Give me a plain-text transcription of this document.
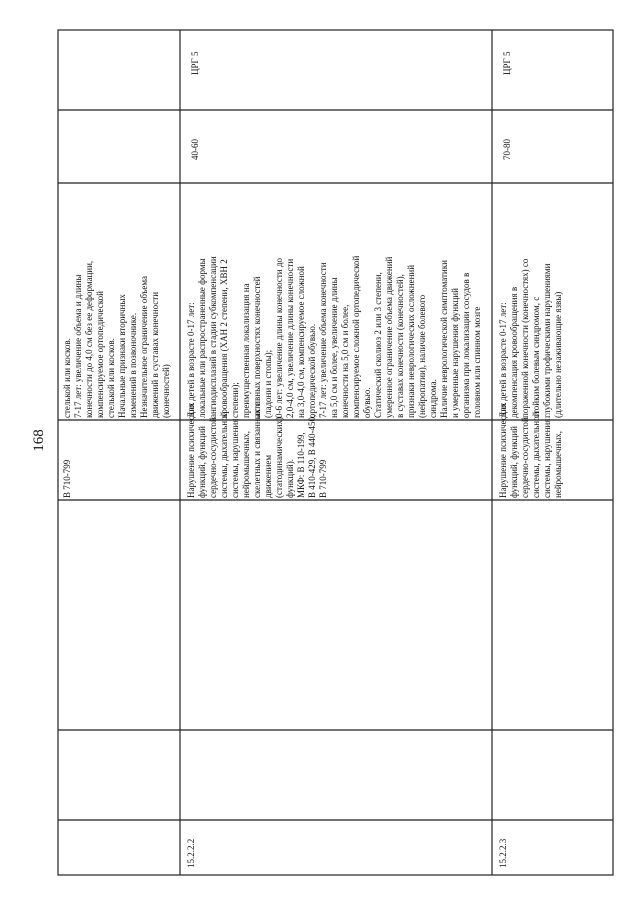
168
В 710-799
стелькой или косков.
7-17 лет: увеличение объема и длины
конечности до 4,0 см без ее деформации,
компенсируемое ортопедической
стелькой или косков.
Начальные признаки вторичных
изменений в позвоночнике.
Незначительное ограничение объема
движений в суставах конечности
(конечностей)
15.2.2.2
Нарушение психических
функций, функций
сердечно-сосудистой
системы, дыхательной
системы, нарушения
нейромышечных,
скелетных и связанных с
движением
(статодинамических)
функций).
МКФ: В 110-199,
В 410-429, В 440-450,
В 710-799
Для детей в возрасте 0-17 лет:
локальные или распространенные формы
ангиодисплазий в стадии субкомпенсации
кровообращения (ХАН 2 степени, ХВН 2
степени);
преимущественная локализация на
активных поверхностях конечностей
(ладони и стопы);
0-6 лет: увеличение длины конечности до
2,0-4,0 см, увеличение длины конечности
на 3,0-4,0 см, компенсируемое сложной
ортопедической обувью.
7-17 лет: увеличение объема конечности
на 5,0 см и более, увеличение длины
конечности на 5,0 см и более,
компенсируемое сложной ортопедической
обувью.
Статический сколиоз 2 или 3 степени,
умеренное ограничение объема движений
в суставах конечности (конечностей),
признаки неврологических осложнений
(нейропатии), наличие болевого
синдрома.
Наличие неврологической симптоматики
и умеренные нарушения функций
организма при локализации сосудов в
головном или спинном мозге
40-60
ЦРГ 5
15.2.2.3
Нарушение психических
функций, функций
сердечно-сосудистой
системы, дыхательной
системы, нарушения
нейромышечных,
Для детей в возрасте 0-17 лет:
декомпенсация кровообращения в
пораженной конечности (конечностях) со
стойким болевым синдромом, с
глубокими трофическими нарушениями
(длительно незаживающие язвы)
70-80
ЦРГ 5
